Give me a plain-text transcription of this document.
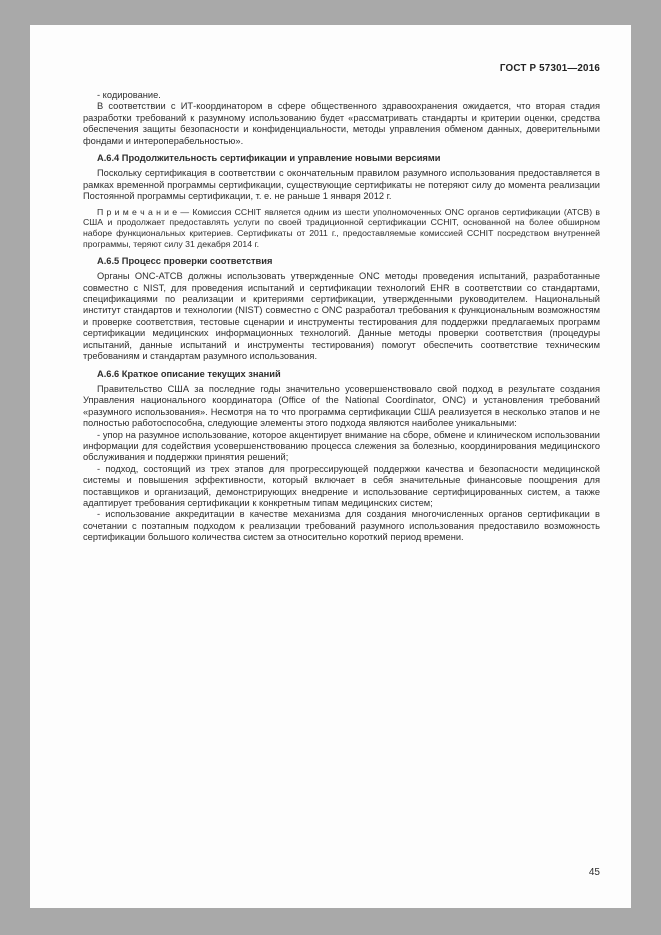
ГОСТ Р 57301—2016

- кодирование.

В соответствии с ИТ-координатором в сфере общественного здравоохранения ожидается, что вторая стадия разработки требований к разумному использованию будет «рассматривать стандарты и критерии оценки, средства обеспечения защиты безопасности и конфиденциальности, методы управления обменом данных, доверительными фондами и интероперабельностью».

А.6.4 Продолжительность сертификации и управление новыми версиями

Поскольку сертификация в соответствии с окончательным правилом разумного использования предоставляется в рамках временной программы сертификации, существующие сертификаты не потеряют силу до момента реализации Постоянной программы сертификации, т. е. не раньше 1 января 2012 г.

П р и м е ч а н и е — Комиссия CCHIT является одним из шести уполномоченных ONC органов сертификации (АТСВ) в США и продолжает предоставлять услуги по своей традиционной сертификации CCHIT, основанной на более обширном наборе функциональных критериев. Сертификаты от 2011 г., предоставляемые комиссией CCHIT посредством внутренней программы, теряют силу 31 декабря 2014 г.

А.6.5 Процесс проверки соответствия

Органы ONC-АТСВ должны использовать утвержденные ONC методы проведения испытаний, разработанные совместно с NIST, для проведения испытаний и сертификации технологий EHR в соответствии со стандартами, спецификациями по реализации и критериями сертификации, утвержденными руководителем. Национальный институт стандартов и технологии (NIST) совместно с ONC разработал требования к функциональным возможностям и проверке соответствия, тестовые сценарии и инструменты тестирования для поддержки предлагаемых программ сертификации медицинских информационных технологий. Данные методы проверки соответствия (процедуры испытаний, данные испытаний и инструменты тестирования) помогут обеспечить соответствие техническим требованиям и стандартам разумного использования.

А.6.6 Краткое описание текущих знаний

Правительство США за последние годы значительно усовершенствовало свой подход в результате создания Управления национального координатора (Office of the National Coordinator, ONC) и установления требований «разумного использования». Несмотря на то что программа сертификации США реализуется в несколько этапов и не полностью работоспособна, следующие элементы этого подхода являются наиболее уникальными:

- упор на разумное использование, которое акцентирует внимание на сборе, обмене и клиническом использовании информации для содействия усовершенствованию процесса слежения за болезнью, координирования медицинского обслуживания и поддержки принятия решений;

- подход, состоящий из трех этапов для прогрессирующей поддержки качества и безопасности медицинской системы и повышения эффективности, который включает в себя значительные финансовые поощрения для поставщиков и организаций, демонстрирующих внедрение и использование сертифицированных систем, а также адаптирует требования сертификации к конкретным типам медицинских систем;

- использование аккредитации в качестве механизма для создания многочисленных органов сертификации в сочетании с поэтапным подходом к реализации требований разумного использования предоставило возможность сертификации большого количества систем за относительно короткий период времени.

45
